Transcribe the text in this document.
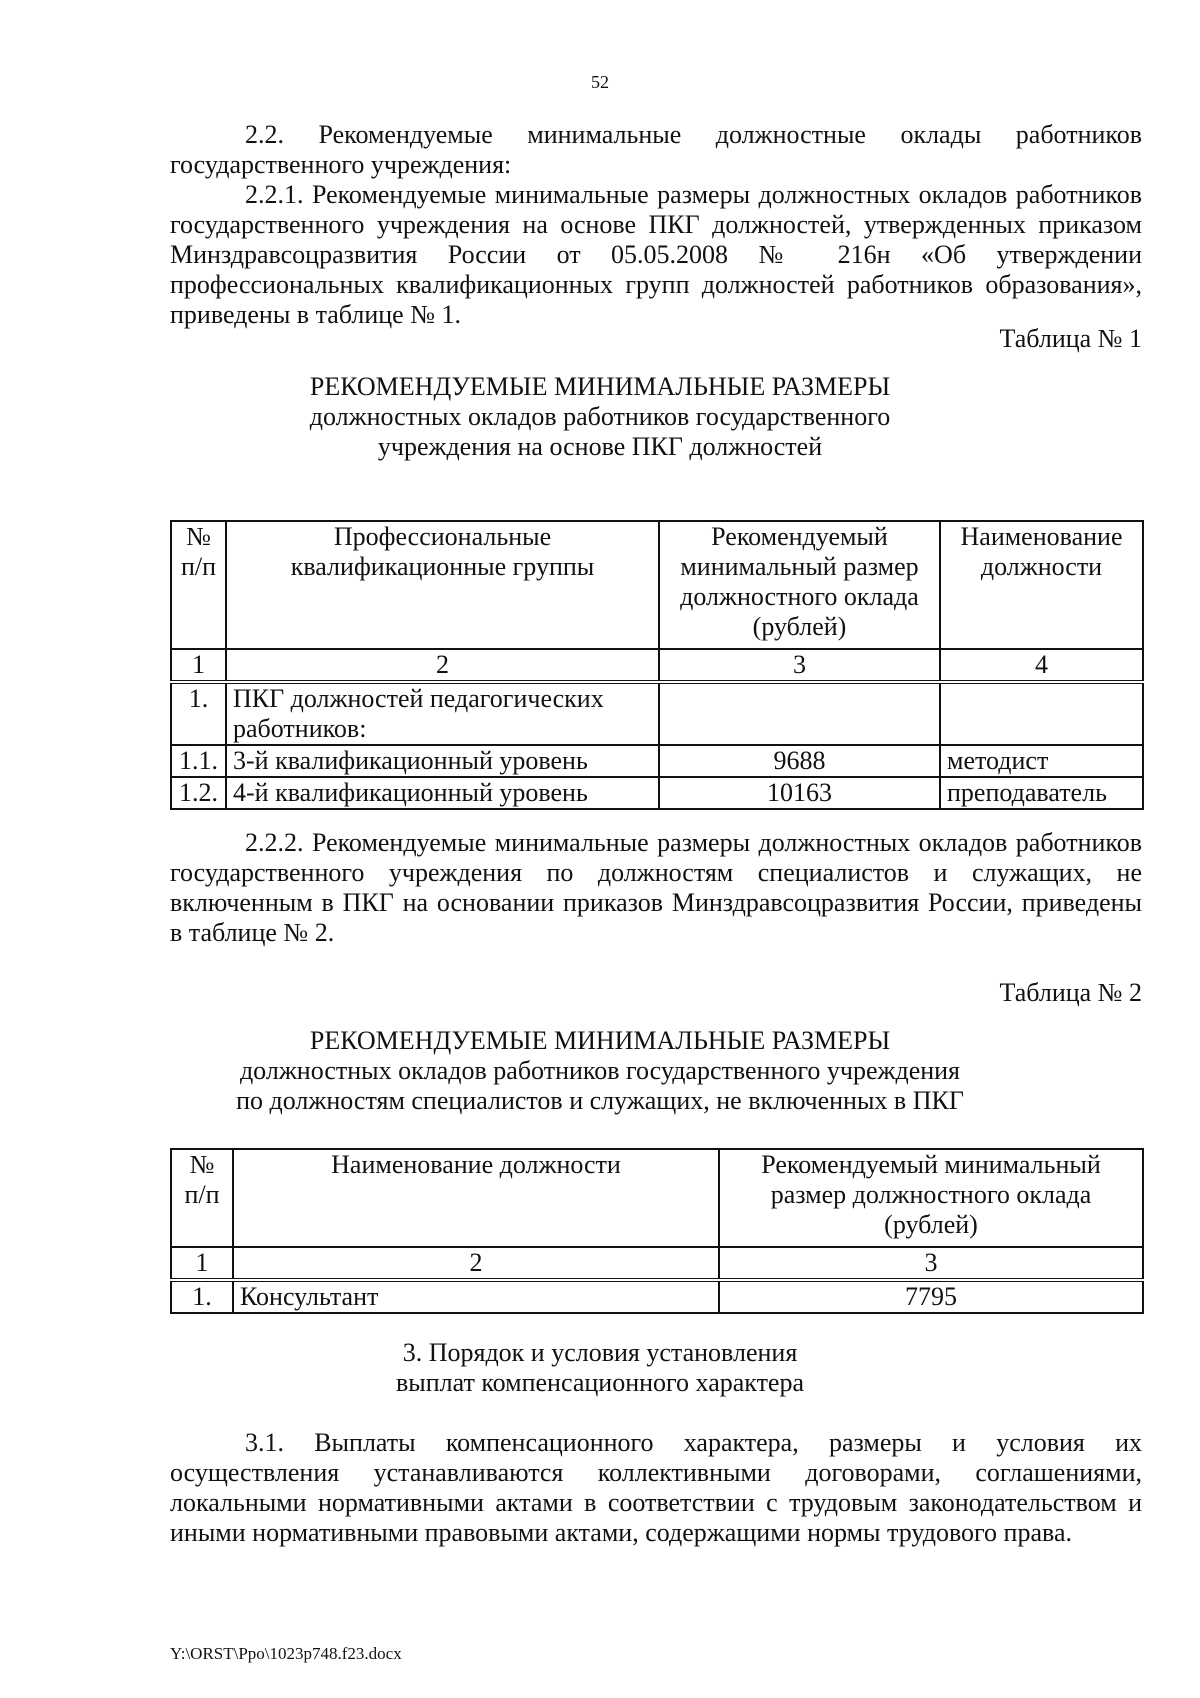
52

2.2. Рекомендуемые минимальные должностные оклады работников государственного учреждения:

2.2.1. Рекомендуемые минимальные размеры должностных окладов работников государственного учреждения на основе ПКГ должностей, утвержденных приказом Минздравсоцразвития России от 05.05.2008 № 216н «Об утверждении профессиональных квалификационных групп должностей работников образования», приведены в таблице № 1.

Таблица № 1
РЕКОМЕНДУЕМЫЕ МИНИМАЛЬНЫЕ РАЗМЕРЫ
должностных окладов работников государственного
учреждения на основе ПКГ должностей
№ п/п	Профессиональные квалификационные группы	Рекомендуемый минимальный размер должностного оклада (рублей)	Наименование должности
1	2	3	4
1.	ПКГ должностей педагогических работников:		
1.1.	3-й квалификационный уровень	9688	методист
1.2.	4-й квалификационный уровень	10163	преподаватель

2.2.2. Рекомендуемые минимальные размеры должностных окладов работников государственного учреждения по должностям специалистов и служащих, не включенным в ПКГ на основании приказов Минздравсоцразвития России, приведены в таблице № 2.

Таблица № 2
РЕКОМЕНДУЕМЫЕ МИНИМАЛЬНЫЕ РАЗМЕРЫ
должностных окладов работников государственного учреждения
по должностям специалистов и служащих, не включенных в ПКГ
№ п/п	Наименование должности	Рекомендуемый минимальный размер должностного оклада (рублей)
1	2	3
1.	Консультант	7795
3. Порядок и условия установления
выплат компенсационного характера

3.1. Выплаты компенсационного характера, размеры и условия их осуществления устанавливаются коллективными договорами, соглашениями, локальными нормативными актами в соответствии с трудовым законодательством и иными нормативными правовыми актами, содержащими нормы трудового права.

Y:\ORST\Ppo\1023p748.f23.docx
